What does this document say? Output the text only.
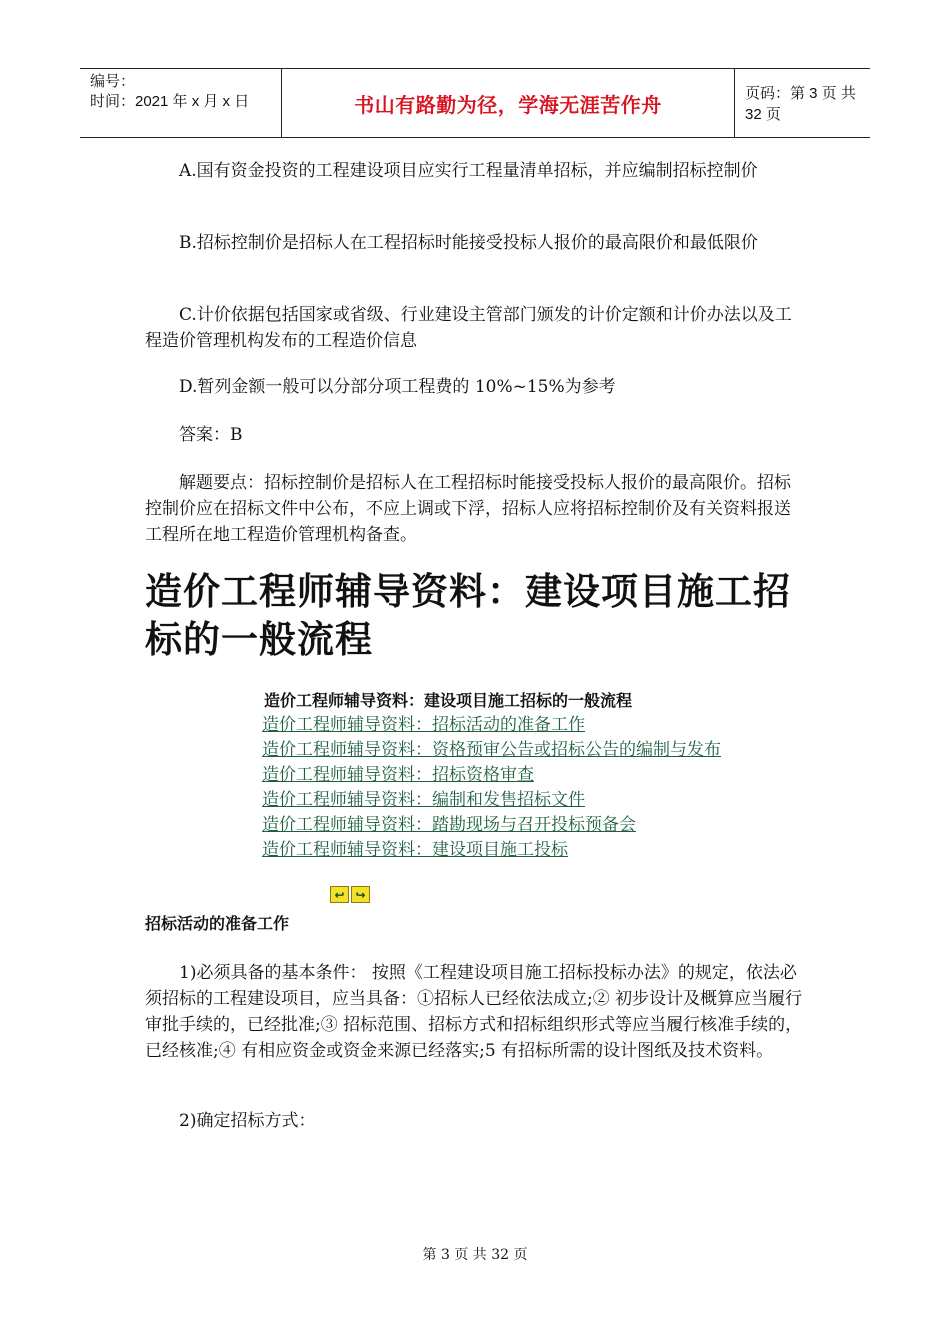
编号：
时间：2021 年 x 月 x 日	书山有路勤为径，学海无涯苦作舟	页码：第 3 页 共 32 页

A.国有资金投资的工程建设项目应实行工程量清单招标，并应编制招标控制价

B.招标控制价是招标人在工程招标时能接受投标人报价的最高限价和最低限价

C.计价依据包括国家或省级、行业建设主管部门颁发的计价定额和计价办法以及工程造价管理机构发布的工程造价信息

D.暂列金额一般可以分部分项工程费的 10%~15%为参考

答案：B

解题要点：招标控制价是招标人在工程招标时能接受投标人报价的最高限价。招标控制价应在招标文件中公布，不应上调或下浮，招标人应将招标控制价及有关资料报送工程所在地工程造价管理机构备查。

造价工程师辅导资料：建设项目施工招标的一般流程
造价工程师辅导资料：建设项目施工招标的一般流程
造价工程师辅导资料：招标活动的准备工作
造价工程师辅导资料：资格预审公告或招标公告的编制与发布
造价工程师辅导资料：招标资格审查
造价工程师辅导资料：编制和发售招标文件
造价工程师辅导资料：踏勘现场与召开投标预备会
造价工程师辅导资料：建设项目施工投标
↩ ↪
招标活动的准备工作

1)必须具备的基本条件： 按照《工程建设项目施工招标投标办法》的规定，依法必须招标的工程建设项目，应当具备：①招标人已经依法成立;② 初步设计及概算应当履行审批手续的，已经批准;③ 招标范围、招标方式和招标组织形式等应当履行核准手续的，已经核准;④ 有相应资金或资金来源已经落实;5 有招标所需的设计图纸及技术资料。

2)确定招标方式：

第 3 页 共 32 页
